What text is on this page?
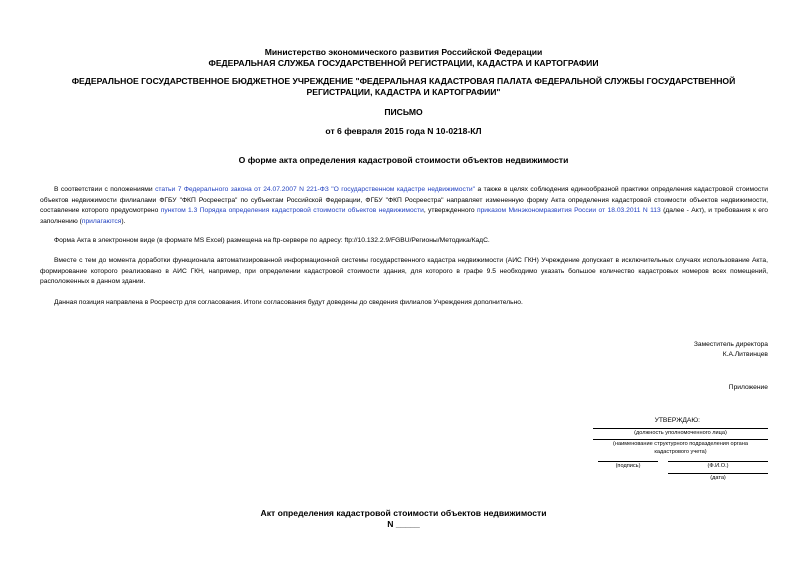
Министерство экономического развития Российской Федерации
ФЕДЕРАЛЬНАЯ СЛУЖБА ГОСУДАРСТВЕННОЙ РЕГИСТРАЦИИ, КАДАСТРА И КАРТОГРАФИИ
ФЕДЕРАЛЬНОЕ ГОСУДАРСТВЕННОЕ БЮДЖЕТНОЕ УЧРЕЖДЕНИЕ "ФЕДЕРАЛЬНАЯ КАДАСТРОВАЯ ПАЛАТА ФЕДЕРАЛЬНОЙ СЛУЖБЫ ГОСУДАРСТВЕННОЙ
РЕГИСТРАЦИИ, КАДАСТРА И КАРТОГРАФИИ"
ПИСЬМО
от 6 февраля 2015 года N 10-0218-КЛ
О форме акта определения кадастровой стоимости объектов недвижимости
В соответствии с положениями статьи 7 Федерального закона от 24.07.2007 N 221-ФЗ "О государственном кадастре недвижимости" а также в целях соблюдения единообразной практики определения кадастровой стоимости объектов недвижимости филиалами ФГБУ "ФКП Росреестра" по субъектам Российской Федерации, ФГБУ "ФКП Росреестра" направляет измененную форму Акта определения кадастровой стоимости объектов недвижимости, составление которого предусмотрено пунктом 1.3 Порядка определения кадастровой стоимости объектов недвижимости, утвержденного приказом Минэкономразвития России от 18.03.2011 N 113 (далее - Акт), и требования к его заполнению (прилагаются).
Форма Акта в электронном виде (в формате MS Excel) размещена на ftp-сервере по адресу: ftp://10.132.2.9/FGBU/Регионы/Методика/КадС.
Вместе с тем до момента доработки функционала автоматизированной информационной системы государственного кадастра недвижимости (АИС ГКН) Учреждение допускает в исключительных случаях использование Акта, формирование которого реализовано в АИС ГКН, например, при определении кадастровой стоимости здания, для которого в графе 9.5 необходимо указать большое количество кадастровых номеров всех помещений, расположенных в данном здании.
Данная позиция направлена в Росреестр для согласования. Итоги согласования будут доведены до сведения филиалов Учреждения дополнительно.
Заместитель директора
К.А.Литвинцев
Приложение
УТВЕРЖДАЮ:
(должность уполномоченного лица)
(наименование структурного подразделения органа
кадастрового учета)
(подпись)	(Ф.И.О.)
(дата)
Акт определения кадастровой стоимости объектов недвижимости
N _____
